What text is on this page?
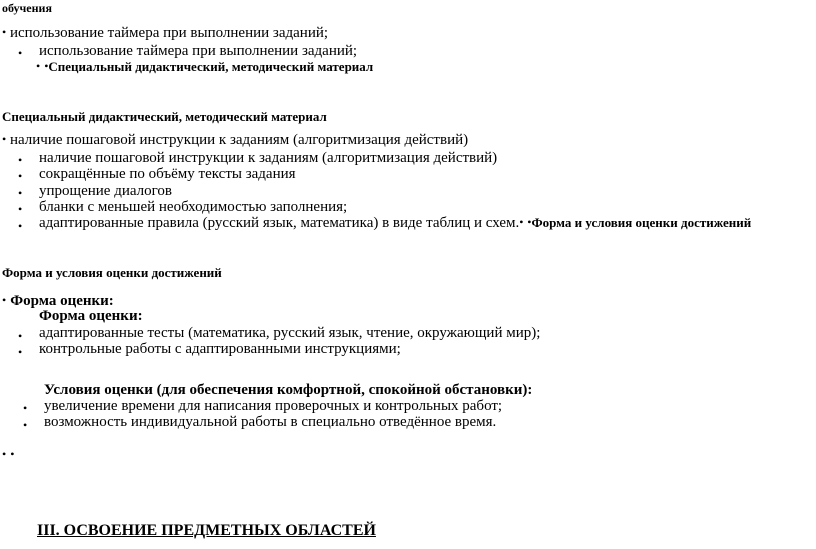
обучения
• использование таймера при выполнении заданий;
• использование таймера при выполнении заданий;
• •Специальный дидактический, методический материал
Специальный дидактический, методический материал
• наличие пошаговой инструкции к заданиям (алгоритмизация действий)
• наличие пошаговой инструкции к заданиям (алгоритмизация действий)
• сокращённые по объёму тексты задания
• упрощение диалогов
• бланки с меньшей необходимостью заполнения;
• адаптированные правила (русский язык, математика) в виде таблиц и схем.• •Форма и условия оценки достижений
Форма и условия оценки достижений
• Форма оценки:
Форма оценки:
• адаптированные тесты (математика, русский язык, чтение, окружающий мир);
• контрольные работы с адаптированными инструкциями;
Условия оценки (для обеспечения комфортной, спокойной обстановки):
• увеличение времени для написания проверочных и контрольных работ;
• возможность индивидуальной работы в специально отведённое время.
• •
III. ОСВОЕНИЕ ПРЕДМЕТНЫХ ОБЛАСТЕЙ
